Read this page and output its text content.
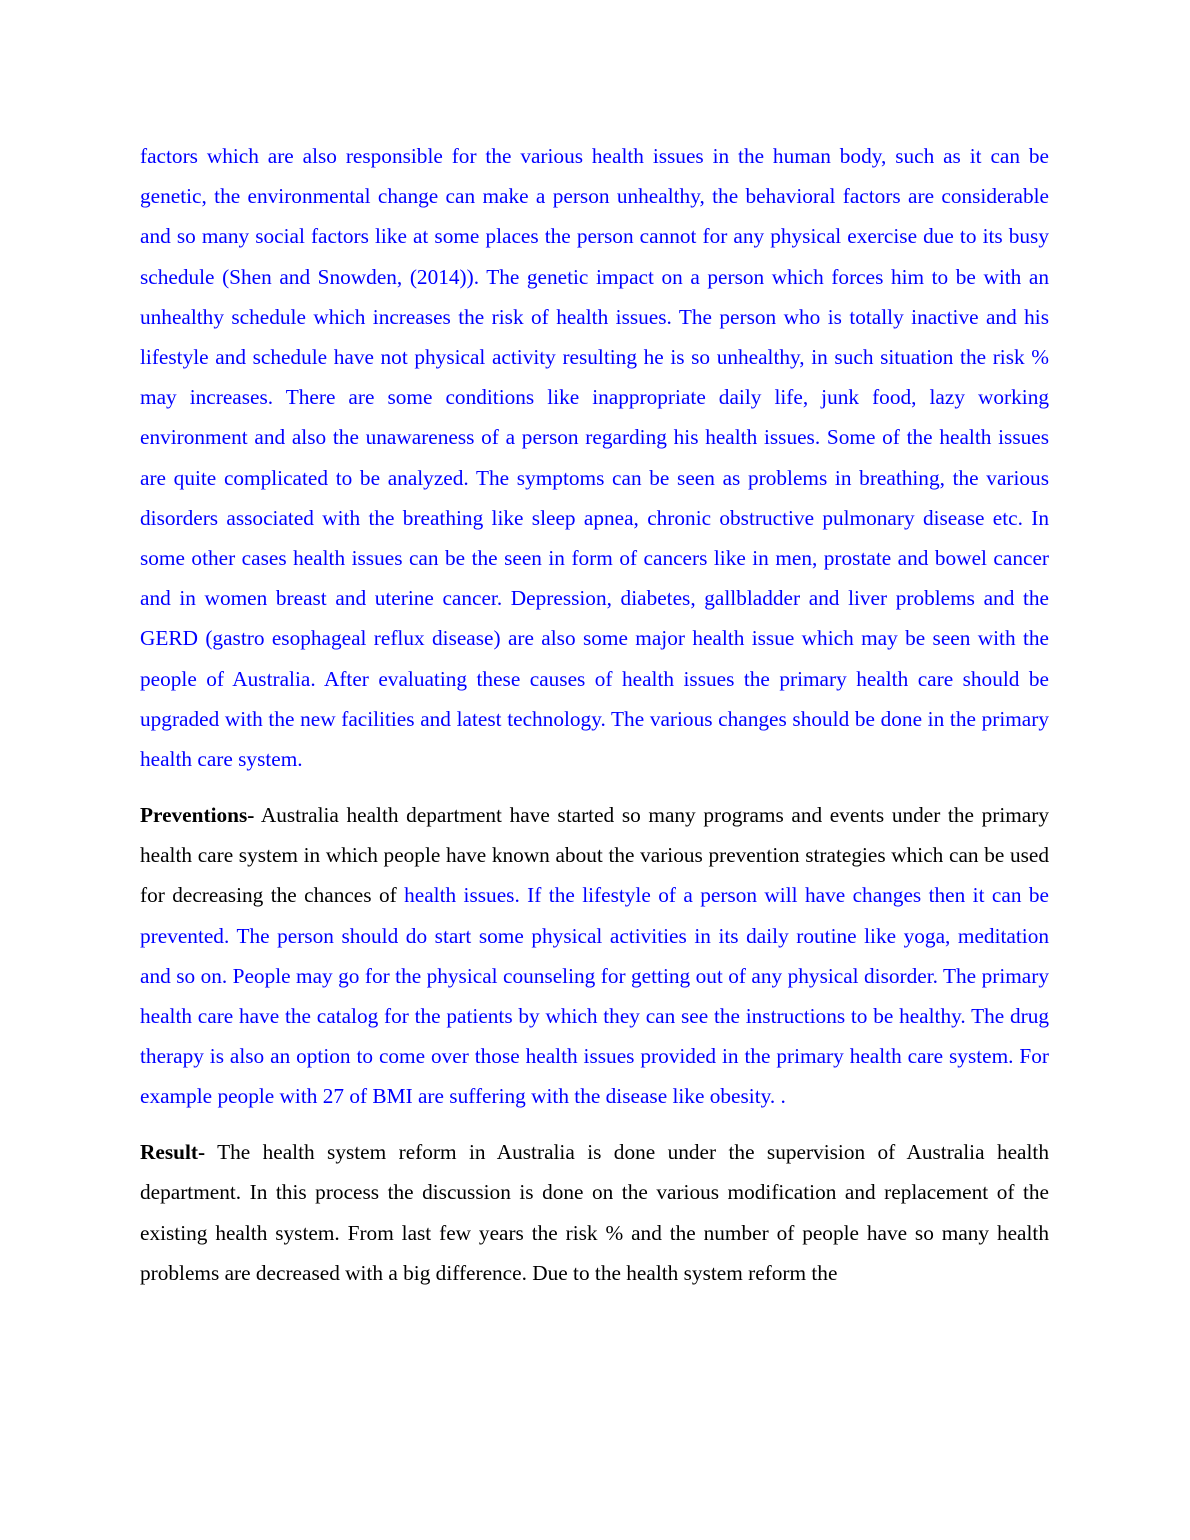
factors which are also responsible for the various health issues in the human body, such as it can be genetic, the environmental change can make a person unhealthy, the behavioral factors are considerable and so many social factors like at some places the person cannot for any physical exercise due to its busy schedule (Shen and Snowden, (2014)). The genetic impact on a person which forces him to be with an unhealthy schedule which increases the risk of health issues. The person who is totally inactive and his lifestyle and schedule have not physical activity resulting he is so unhealthy, in such situation the risk % may increases. There are some conditions like inappropriate daily life, junk food, lazy working environment and also the unawareness of a person regarding his health issues. Some of the health issues are quite complicated to be analyzed. The symptoms can be seen as problems in breathing, the various disorders associated with the breathing like sleep apnea, chronic obstructive pulmonary disease etc. In some other cases health issues can be the seen in form of cancers like in men, prostate and bowel cancer and in women breast and uterine cancer. Depression, diabetes, gallbladder and liver problems and the GERD (gastro esophageal reflux disease) are also some major health issue which may be seen with the people of Australia. After evaluating these causes of health issues the primary health care should be upgraded with the new facilities and latest technology. The various changes should be done in the primary health care system.

Preventions- Australia health department have started so many programs and events under the primary health care system in which people have known about the various prevention strategies which can be used for decreasing the chances of health issues. If the lifestyle of a person will have changes then it can be prevented. The person should do start some physical activities in its daily routine like yoga, meditation and so on. People may go for the physical counseling for getting out of any physical disorder. The primary health care have the catalog for the patients by which they can see the instructions to be healthy. The drug therapy is also an option to come over those health issues provided in the primary health care system. For example people with 27 of BMI are suffering with the disease like obesity. .

Result- The health system reform in Australia is done under the supervision of Australia health department. In this process the discussion is done on the various modification and replacement of the existing health system. From last few years the risk % and the number of people have so many health problems are decreased with a big difference. Due to the health system reform the
